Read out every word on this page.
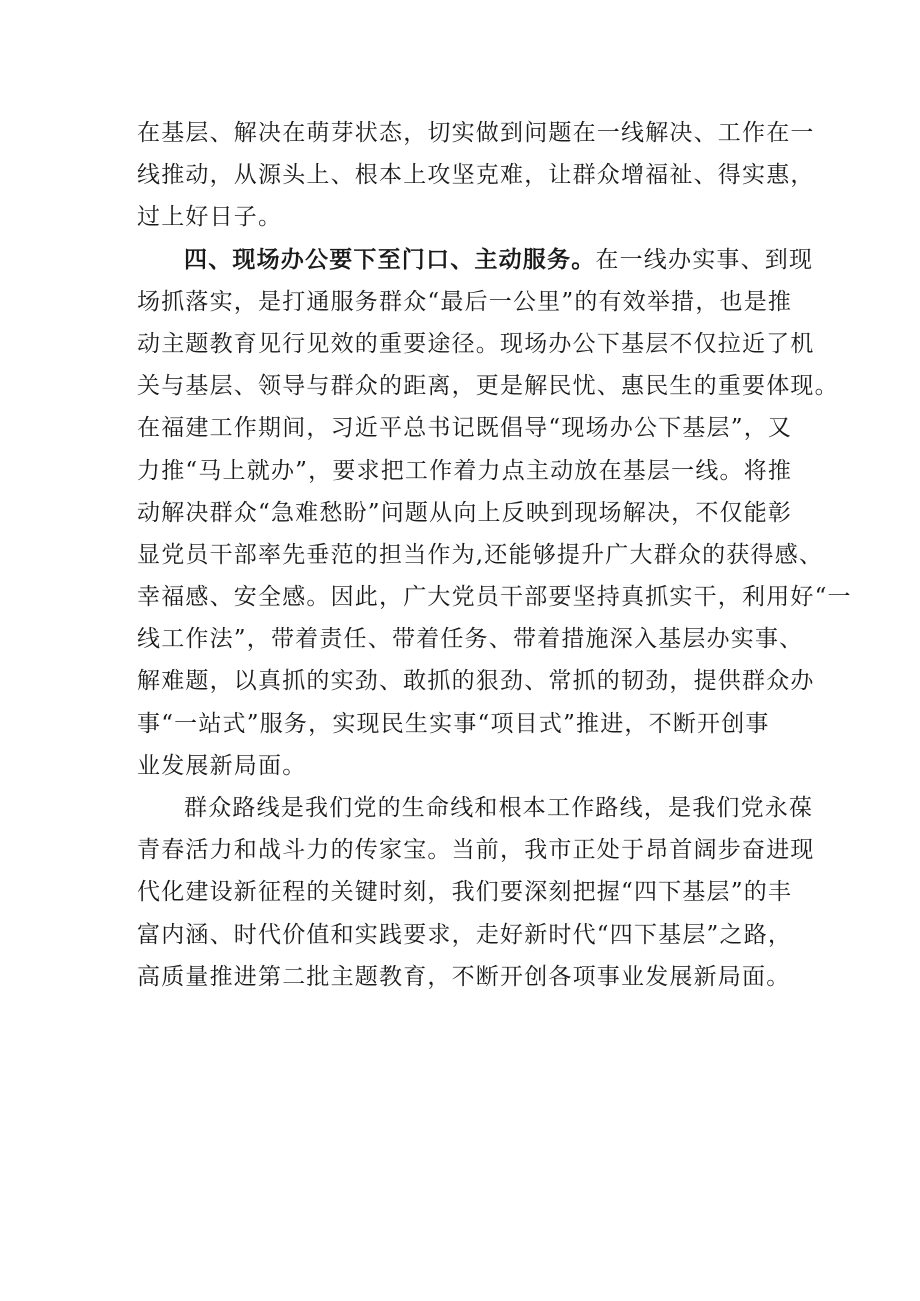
在基层、解决在萌芽状态，切实做到问题在一线解决、工作在一
线推动，从源头上、根本上攻坚克难，让群众增福祉、得实惠，
过上好日子。
四、现场办公要下至门口、主动服务。在一线办实事、到现
场抓落实，是打通服务群众“最后一公里”的有效举措，也是推
动主题教育见行见效的重要途径。现场办公下基层不仅拉近了机
关与基层、领导与群众的距离，更是解民忧、惠民生的重要体现。
在福建工作期间，习近平总书记既倡导“现场办公下基层”，又
力推“马上就办”，要求把工作着力点主动放在基层一线。将推
动解决群众“急难愁盼”问题从向上反映到现场解决，不仅能彰
显党员干部率先垂范的担当作为,还能够提升广大群众的获得感、
幸福感、安全感。因此，广大党员干部要坚持真抓实干，利用好“一
线工作法”，带着责任、带着任务、带着措施深入基层办实事、
解难题，以真抓的实劲、敢抓的狠劲、常抓的韧劲，提供群众办
事“一站式”服务，实现民生实事“项目式”推进，不断开创事
业发展新局面。
群众路线是我们党的生命线和根本工作路线，是我们党永葆
青春活力和战斗力的传家宝。当前，我市正处于昂首阔步奋进现
代化建设新征程的关键时刻，我们要深刻把握“四下基层”的丰
富内涵、时代价值和实践要求，走好新时代“四下基层”之路，
高质量推进第二批主题教育，不断开创各项事业发展新局面。
